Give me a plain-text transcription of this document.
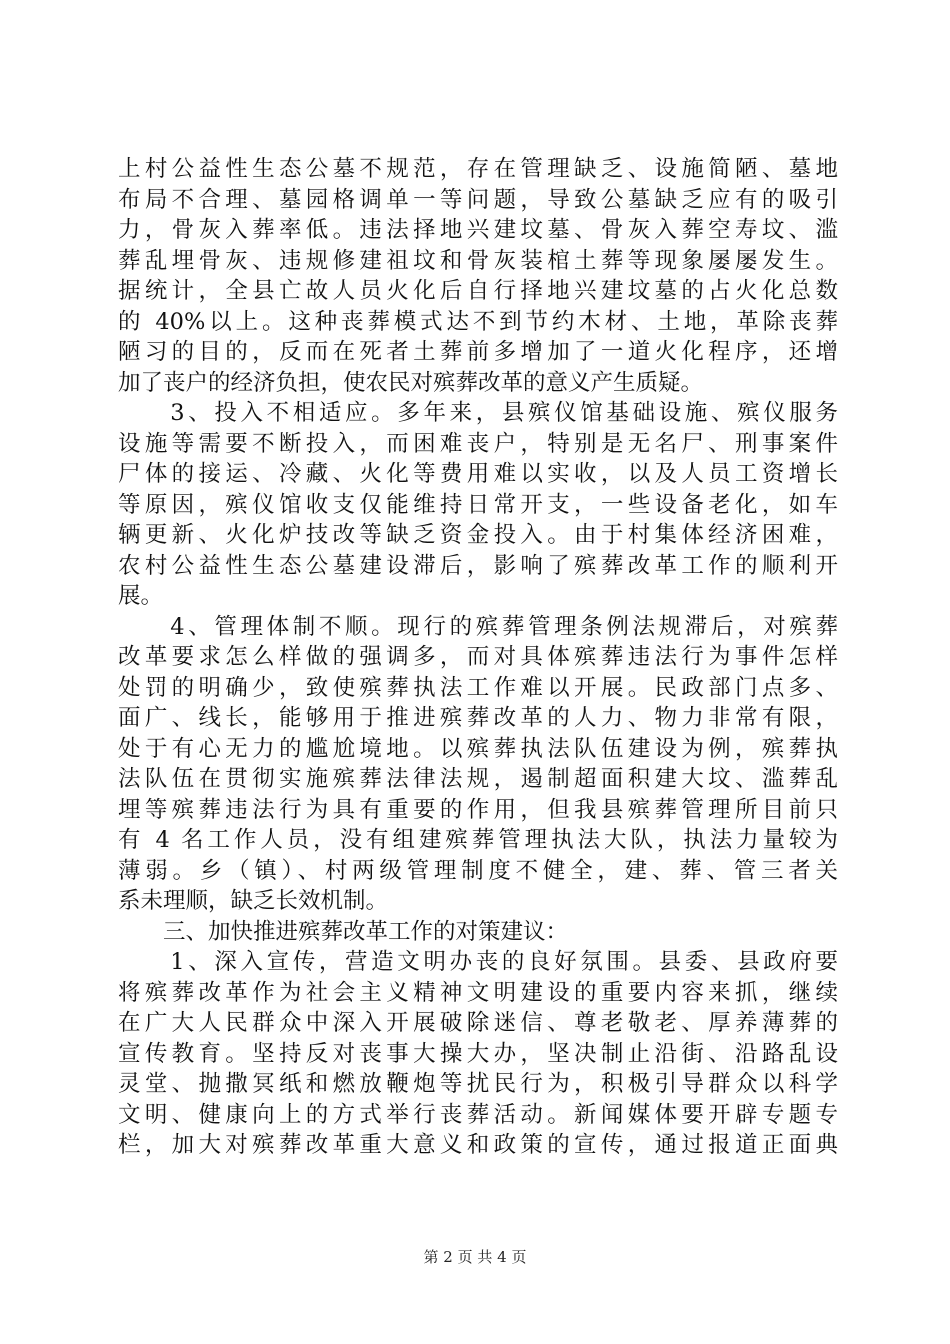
上村公益性生态公墓不规范，存在管理缺乏、设施简陋、墓地
布局不合理、墓园格调单一等问题，导致公墓缺乏应有的吸引
力，骨灰入葬率低。违法择地兴建坟墓、骨灰入葬空寿坟、滥
葬乱埋骨灰、违规修建祖坟和骨灰装棺土葬等现象屡屡发生。
据统计，全县亡故人员火化后自行择地兴建坟墓的占火化总数
的 40%以上。这种丧葬模式达不到节约木材、土地，革除丧葬
陋习的目的，反而在死者土葬前多增加了一道火化程序，还增
加了丧户的经济负担，使农民对殡葬改革的意义产生质疑。
　　3、投入不相适应。多年来，县殡仪馆基础设施、殡仪服务
设施等需要不断投入，而困难丧户，特别是无名尸、刑事案件
尸体的接运、冷藏、火化等费用难以实收，以及人员工资增长
等原因，殡仪馆收支仅能维持日常开支，一些设备老化，如车
辆更新、火化炉技改等缺乏资金投入。由于村集体经济困难，
农村公益性生态公墓建设滞后，影响了殡葬改革工作的顺利开
展。
　　4、管理体制不顺。现行的殡葬管理条例法规滞后，对殡葬
改革要求怎么样做的强调多，而对具体殡葬违法行为事件怎样
处罚的明确少，致使殡葬执法工作难以开展。民政部门点多、
面广、线长，能够用于推进殡葬改革的人力、物力非常有限，
处于有心无力的尴尬境地。以殡葬执法队伍建设为例，殡葬执
法队伍在贯彻实施殡葬法律法规，遏制超面积建大坟、滥葬乱
埋等殡葬违法行为具有重要的作用，但我县殡葬管理所目前只
有 4 名工作人员，没有组建殡葬管理执法大队，执法力量较为
薄弱。乡（镇）、村两级管理制度不健全，建、葬、管三者关
系未理顺，缺乏长效机制。
　　三、加快推进殡葬改革工作的对策建议：
　　1、深入宣传，营造文明办丧的良好氛围。县委、县政府要
将殡葬改革作为社会主义精神文明建设的重要内容来抓，继续
在广大人民群众中深入开展破除迷信、尊老敬老、厚养薄葬的
宣传教育。坚持反对丧事大操大办，坚决制止沿街、沿路乱设
灵堂、抛撒冥纸和燃放鞭炮等扰民行为，积极引导群众以科学
文明、健康向上的方式举行丧葬活动。新闻媒体要开辟专题专
栏，加大对殡葬改革重大意义和政策的宣传，通过报道正面典
第 2 页 共 4 页
